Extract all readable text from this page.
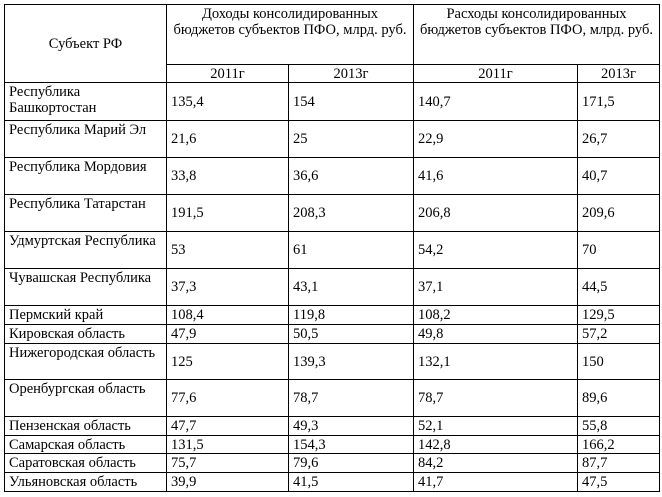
Субъект РФ	Доходы консолидированных бюджетов субъектов ПФО, млрд. руб.		Расходы консолидированных бюджетов субъектов ПФО, млрд. руб.	
	2011г	2013г	2011г	2013г
Республика Башкортостан	135,4	154	140,7	171,5
Республика Марий Эл	21,6	25	22,9	26,7
Республика Мордовия	33,8	36,6	41,6	40,7
Республика Татарстан	191,5	208,3	206,8	209,6
Удмуртская Республика	53	61	54,2	70
Чувашская Республика	37,3	43,1	37,1	44,5
Пермский край	108,4	119,8	108,2	129,5
Кировская область	47,9	50,5	49,8	57,2
Нижегородская область	125	139,3	132,1	150
Оренбургская область	77,6	78,7	78,7	89,6
Пензенская область	47,7	49,3	52,1	55,8
Самарская область	131,5	154,3	142,8	166,2
Саратовская область	75,7	79,6	84,2	87,7
Ульяновская область	39,9	41,5	41,7	47,5
